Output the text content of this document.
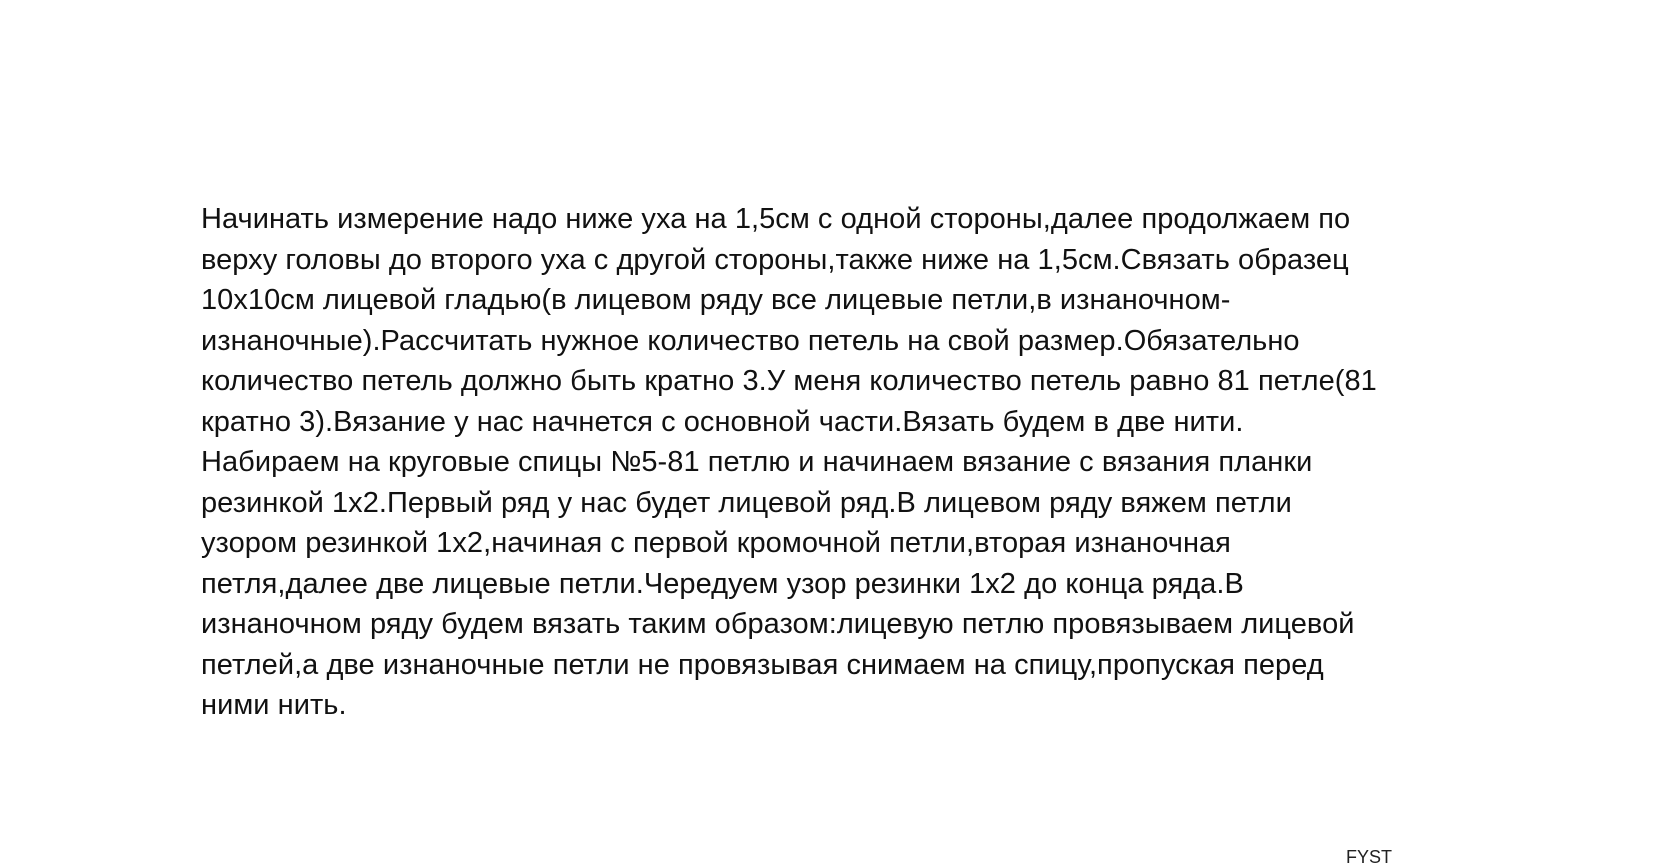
Начинать измерение надо ниже уха на 1,5см с одной стороны,далее продолжаем по
верху головы до второго уха с другой стороны,также ниже на 1,5см.Связать образец
10х10см лицевой гладью(в лицевом ряду все лицевые петли,в изнаночном-
изнаночные).Рассчитать нужное количество петель на свой размер.Обязательно
количество петель должно быть кратно 3.У меня количество петель равно 81 петле(81
кратно 3).Вязание у нас начнется с основной части.Вязать будем в две нити.
Набираем на круговые спицы №5-81 петлю и начинаем вязание с вязания планки
резинкой 1х2.Первый ряд у нас будет лицевой ряд.В лицевом ряду вяжем петли
узором резинкой 1х2,начиная с первой кромочной петли,вторая изнаночная
петля,далее две лицевые петли.Чередуем узор резинки 1х2 до конца ряда.В
изнаночном ряду будем вязать таким образом:лицевую петлю провязываем лицевой
петлей,а две изнаночные петли не провязывая снимаем на спицу,пропуская перед
ними нить.

FYST
